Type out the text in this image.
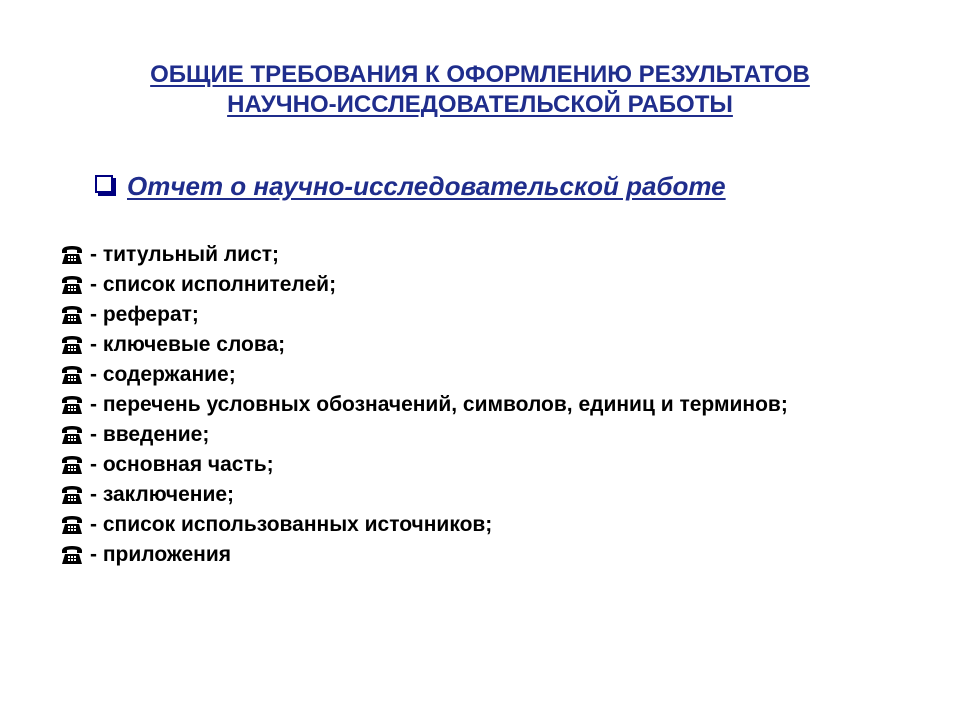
ОБЩИЕ ТРЕБОВАНИЯ К ОФОРМЛЕНИЮ РЕЗУЛЬТАТОВ
НАУЧНО-ИССЛЕДОВАТЕЛЬСКОЙ РАБОТЫ
Отчет о научно-исследовательской работе
- титульный лист;
- список исполнителей;
- реферат;
- ключевые слова;
- содержание;
- перечень условных обозначений, символов, единиц и терминов;
- введение;
- основная часть;
- заключение;
- список использованных источников;
- приложения
